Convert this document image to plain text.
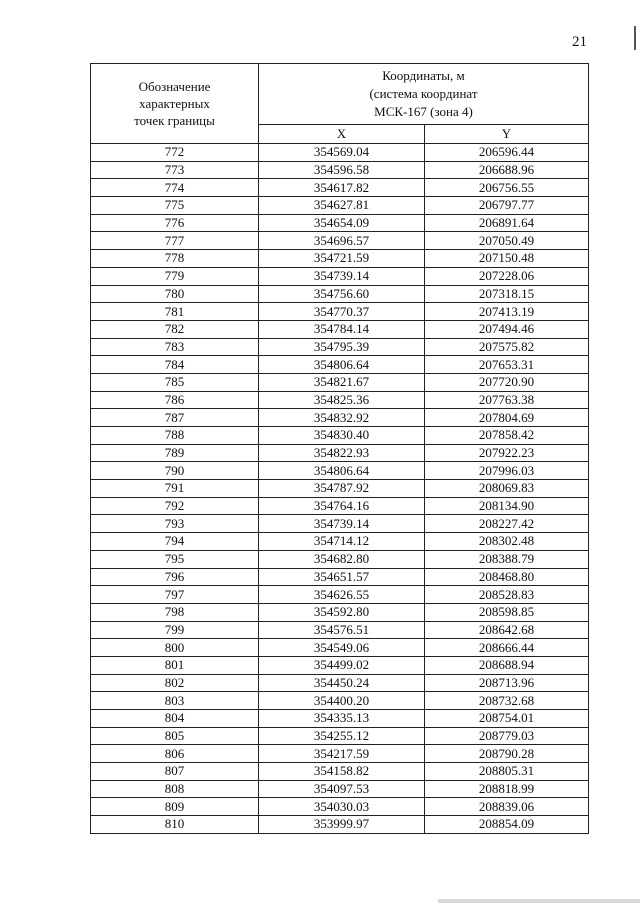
21
Обозначение
характерных
точек границы	Координаты, м
(система координат
МСК-167 (зона 4)	

	X	Y
772	354569.04	206596.44
773	354596.58	206688.96
774	354617.82	206756.55
775	354627.81	206797.77
776	354654.09	206891.64
777	354696.57	207050.49
778	354721.59	207150.48
779	354739.14	207228.06
780	354756.60	207318.15
781	354770.37	207413.19
782	354784.14	207494.46
783	354795.39	207575.82
784	354806.64	207653.31
785	354821.67	207720.90
786	354825.36	207763.38
787	354832.92	207804.69
788	354830.40	207858.42
789	354822.93	207922.23
790	354806.64	207996.03
791	354787.92	208069.83
792	354764.16	208134.90
793	354739.14	208227.42
794	354714.12	208302.48
795	354682.80	208388.79
796	354651.57	208468.80
797	354626.55	208528.83
798	354592.80	208598.85
799	354576.51	208642.68
800	354549.06	208666.44
801	354499.02	208688.94
802	354450.24	208713.96
803	354400.20	208732.68
804	354335.13	208754.01
805	354255.12	208779.03
806	354217.59	208790.28
807	354158.82	208805.31
808	354097.53	208818.99
809	354030.03	208839.06
810	353999.97	208854.09
